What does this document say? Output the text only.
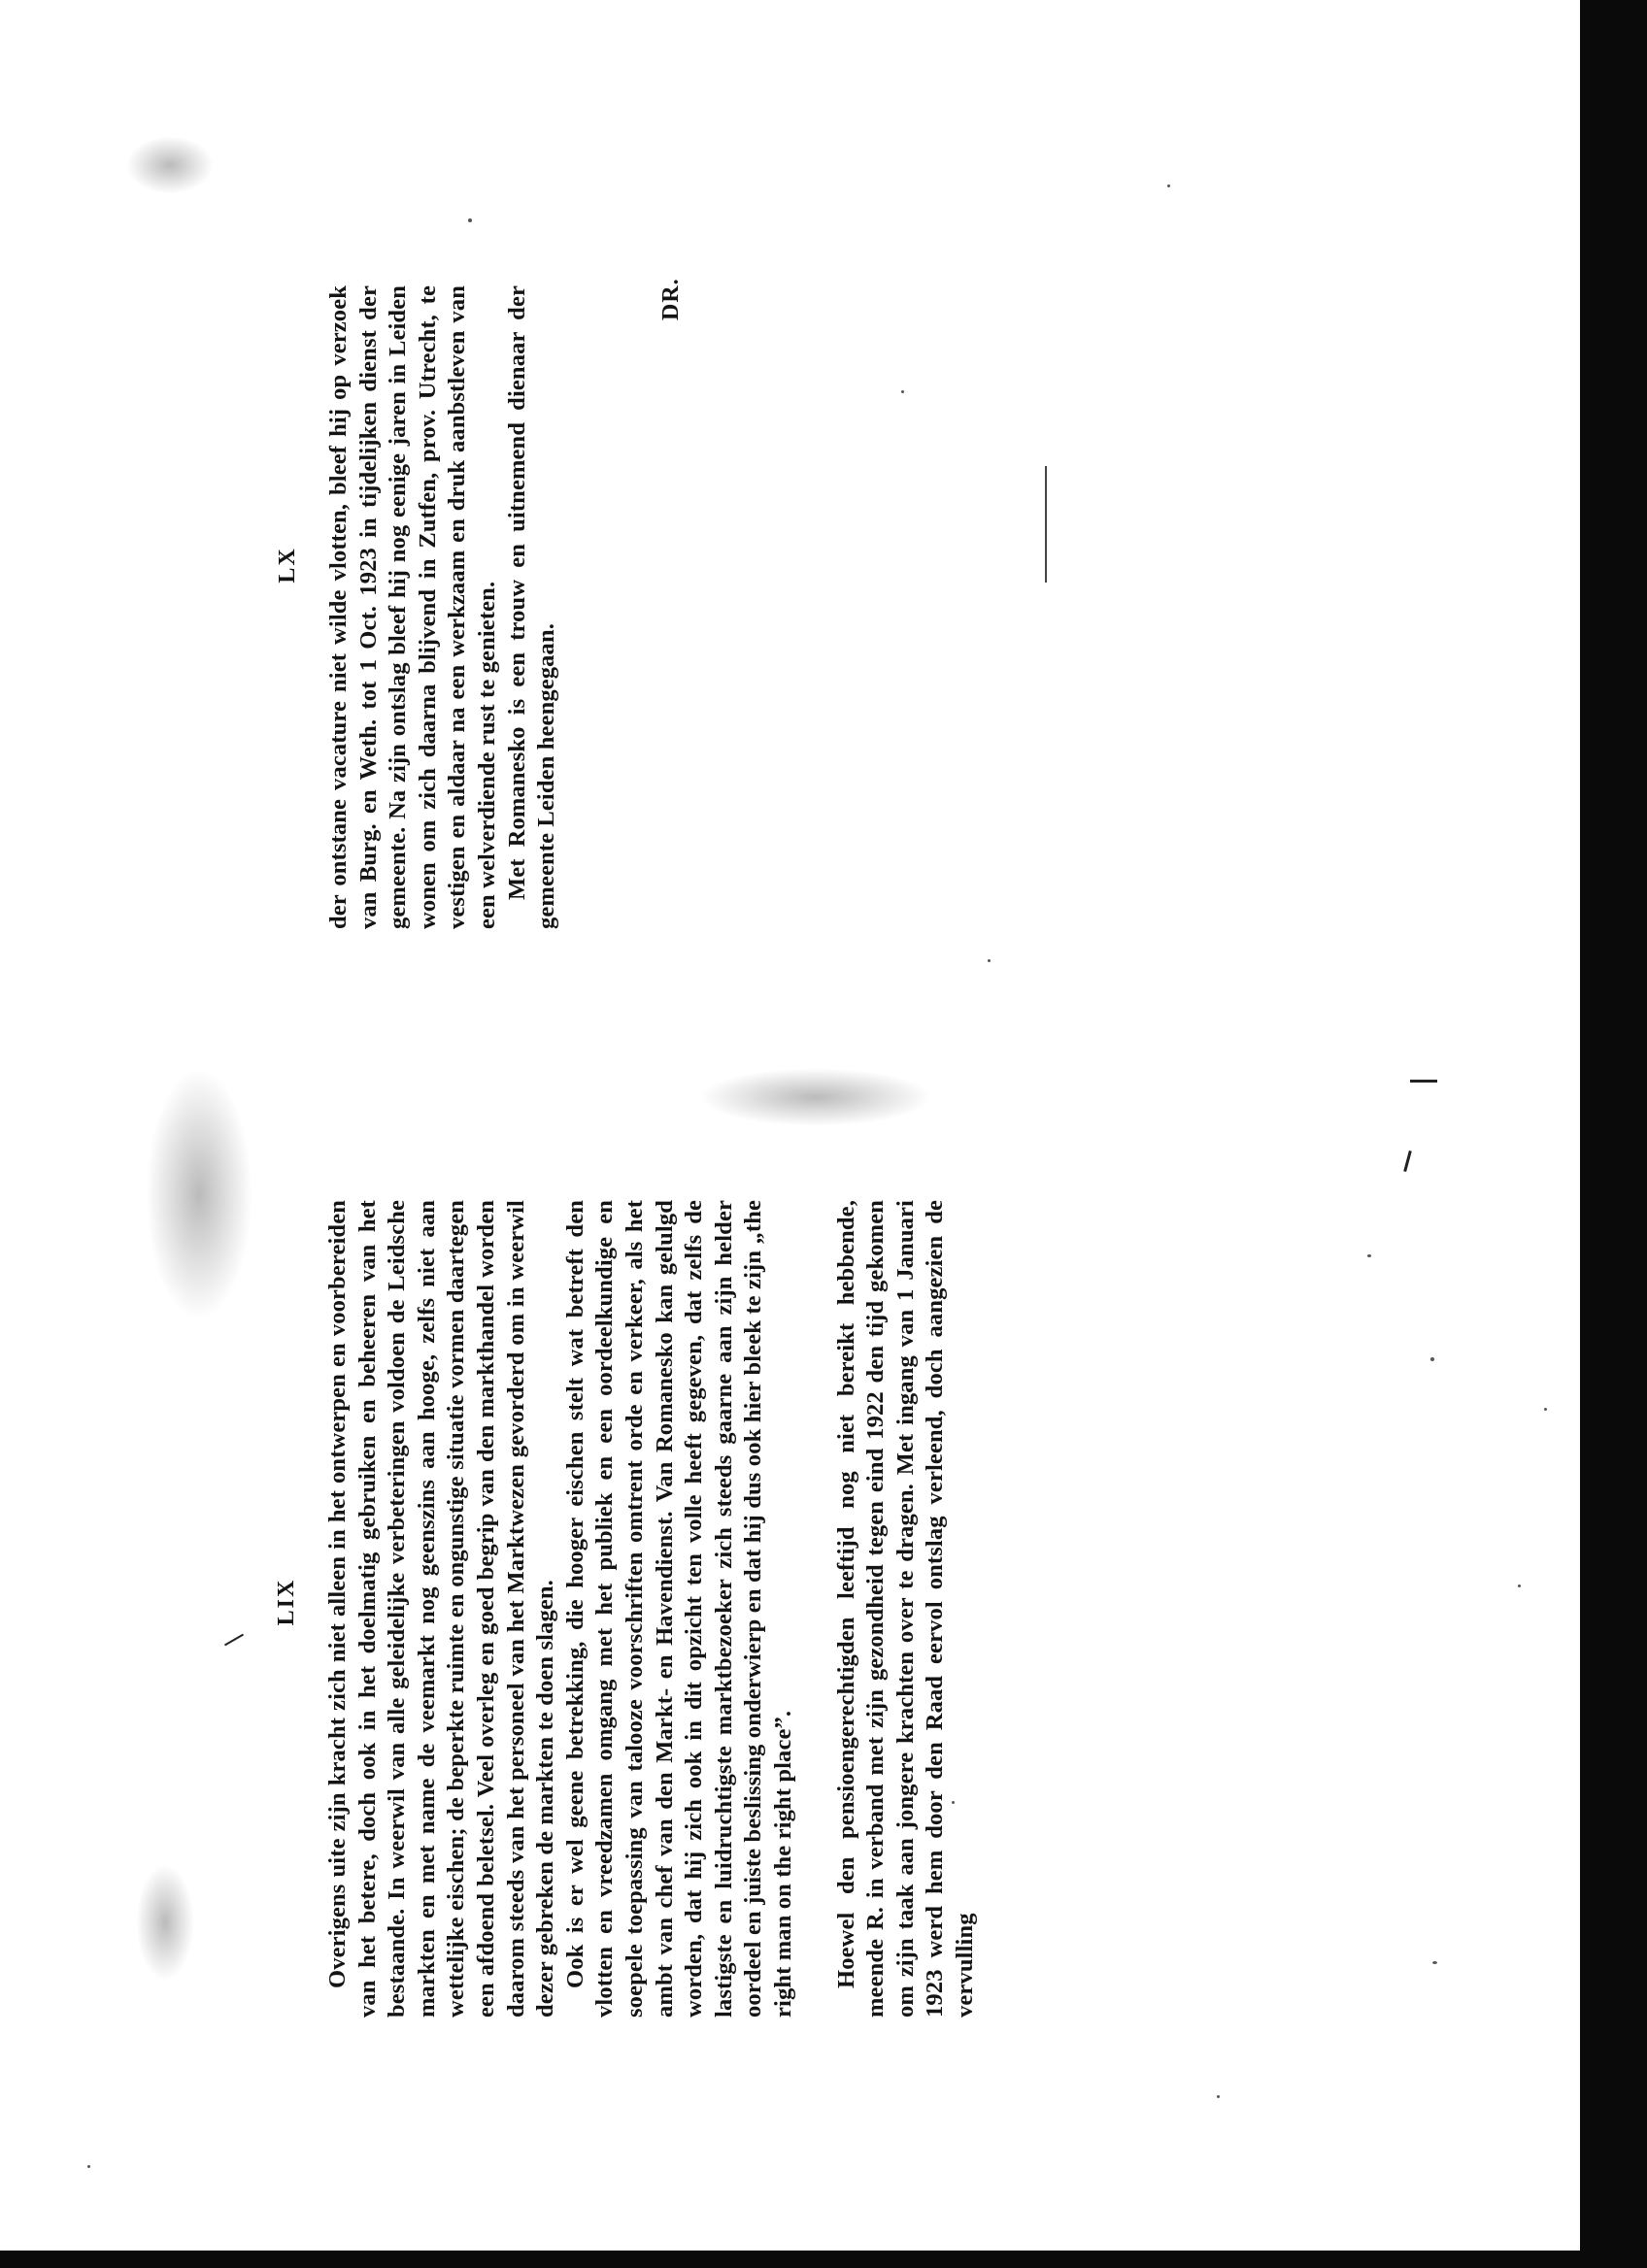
LIX Overigens uite zijn kracht zich niet alleen in het ontwerpen en voorbereiden van het betere, doch ook in het doelmatig gebruiken en beheeren van het bestaande. In weerwil van alle geleidelijke verbeteringen voldoen de Leidsche markten en met name de veemarkt nog geenszins aan hooge, zelfs niet aan wettelijke eischen; de beperkte ruimte en ongunstige situatie vormen daartegen een afdoend beletsel. Veel overleg en goed begrip van den markthandel worden daarom steeds van het personeel van het Marktwezen gevorderd om in weerwil dezer gebreken de markten te doen slagen. Ook is er wel geene betrekking, die hooger eischen stelt wat betreft den vlotten en vreedzamen omgang met het publiek en een oordeelkundige en soepele toepassing van talooze voorschriften omtrent orde en verkeer, als het ambt van chef van den Markt- en Havendienst. Van Romanesko kan gelulgd worden, dat hij zich ook in dit opzicht ten volle heeft gegeven, dat zelfs de lastigste en luidruchtigste marktbezoeker zich steeds gaarne aan zijn helder oordeel en juiste beslissing onderwierp en dat hij dus ook hier bleek te zijn „the right man on the right place”. Hoewel den pensioengerechtigden leeftijd nog niet bereikt hebbende, meende R. in verband met zijn gezondheid tegen eind 1922 den tijd gekomen om zijn taak aan jongere krachten over te dragen. Met ingang van 1 Januari 1923 werd hem door den Raad eervol ontslag verleend, doch aangezien de vervulling

LX der ontstane vacature niet wilde vlotten, bleef hij op verzoek van Burg. en Weth. tot 1 Oct. 1923 in tijdelijken dienst der gemeente. Na zijn ontslag bleef hij nog eenige jaren in Leiden wonen om zich daarna blijvend in Zutfen, prov. Utrecht, te vestigen en aldaar na een werkzaam en druk aanbstleven van een welverdiende rust te genieten. Met Romanesko is een trouw en uitnemend dienaar der gemeente Leiden heengegaan.

DR.
